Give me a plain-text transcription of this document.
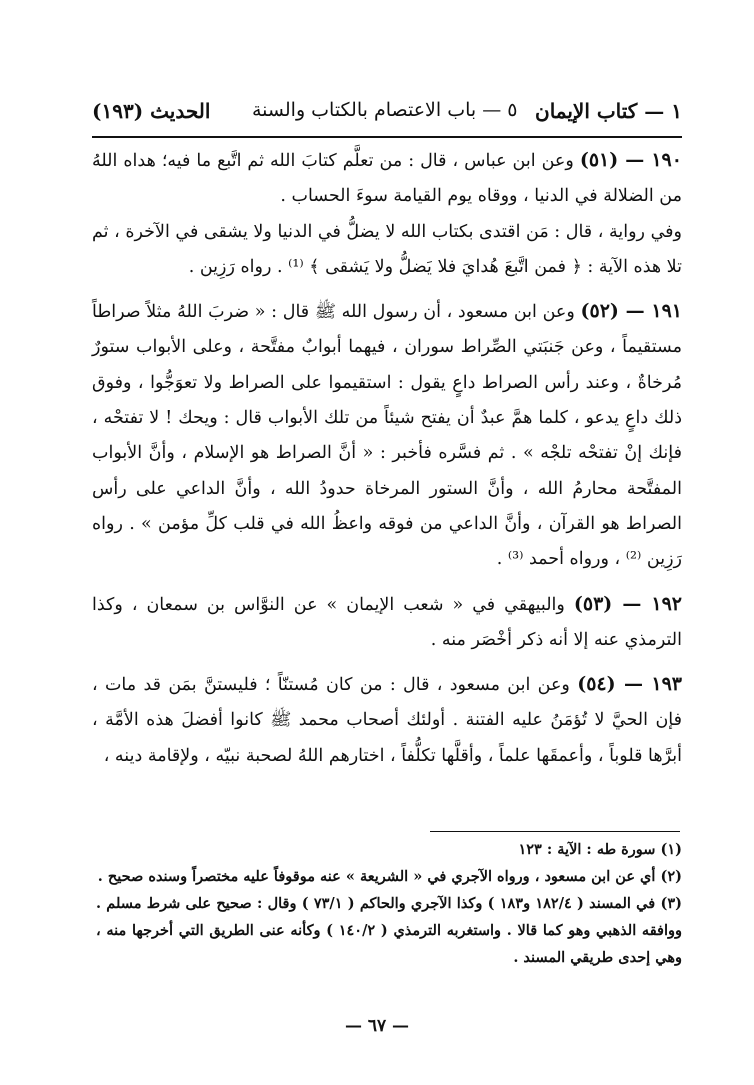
١ — كتاب الإيمان
٥ — باب الاعتصام بالكتاب والسنة
الحديث (١٩٣)

١٩٠ — (٥١) وعن ابن عباس ، قال : من تعلَّم كتابَ الله ثم اتَّبع ما فيه؛ هداه اللهُ من الضلالة في الدنيا ، ووقاه يوم القيامة سوءَ الحساب .

وفي رواية ، قال : مَن اقتدى بكتاب الله لا يضلُّ في الدنيا ولا يشقى في الآخرة ، ثم تلا هذه الآية : ﴿ فمن اتَّبعَ هُدايَ فلا يَضلُّ ولا يَشقى ﴾ ⁽¹⁾ . رواه رَزِين .

١٩١ — (٥٢) وعن ابن مسعود ، أن رسول الله ﷺ قال : « ضربَ اللهُ مثلاً صراطاً مستقيماً ، وعن جَنبَتي الصِّراط سوران ، فيهما أبوابٌ مفتَّحة ، وعلى الأبواب ستورٌ مُرخاةٌ ، وعند رأس الصراط داعٍ يقول : استقيموا على الصراط ولا تعوَجُّوا ، وفوق ذلك داعٍ يدعو ، كلما همَّ عبدٌ أن يفتح شيئاً من تلك الأبواب قال : ويحك ! لا تفتحْه ، فإنك إنْ تفتحْه تلجْه » . ثم فسَّره فأخبر : « أنَّ الصراط هو الإسلام ، وأنَّ الأبواب المفتَّحة محارمُ الله ، وأنَّ الستور المرخاة حدودُ الله ، وأنَّ الداعي على رأس الصراط هو القرآن ، وأنَّ الداعي من فوقه واعظُ الله في قلب كلِّ مؤمن » . رواه رَزِين ⁽²⁾ ، ورواه أحمد ⁽³⁾ .

١٩٢ — (٥٣) والبيهقي في « شعب الإيمان » عن النوَّاس بن سمعان ، وكذا الترمذي عنه إلا أنه ذكر أخْصَر منه .

١٩٣ — (٥٤) وعن ابن مسعود ، قال : من كان مُستنّاً ؛ فليستنَّ بمَن قد مات ، فإن الحيَّ لا تُؤمَنُ عليه الفتنة . أولئك أصحاب محمد ﷺ كانوا أفضلَ هذه الأمَّة ، أبرَّها قلوباً ، وأعمقَها علماً ، وأقلَّها تكلُّفاً ، اختارهم اللهُ لصحبة نبيّه ، ولإقامة دينه ،

(١) سورة طه : الآية : ١٢٣

(٢) أي عن ابن مسعود ، ورواه الآجري في « الشريعة » عنه موقوفاً عليه مختصراً وسنده صحيح .

(٣) في المسند ( ١٨٢/٤ و١٨٣ ) وكذا الآجري والحاكم ( ٧٣/١ ) وقال : صحيح على شرط مسلم . ووافقه الذهبي وهو كما قالا . واستغربه الترمذي ( ١٤٠/٢ ) وكأنه عنى الطريق التي أخرجها منه ، وهي إحدى طريقي المسند .

— ٦٧ —
